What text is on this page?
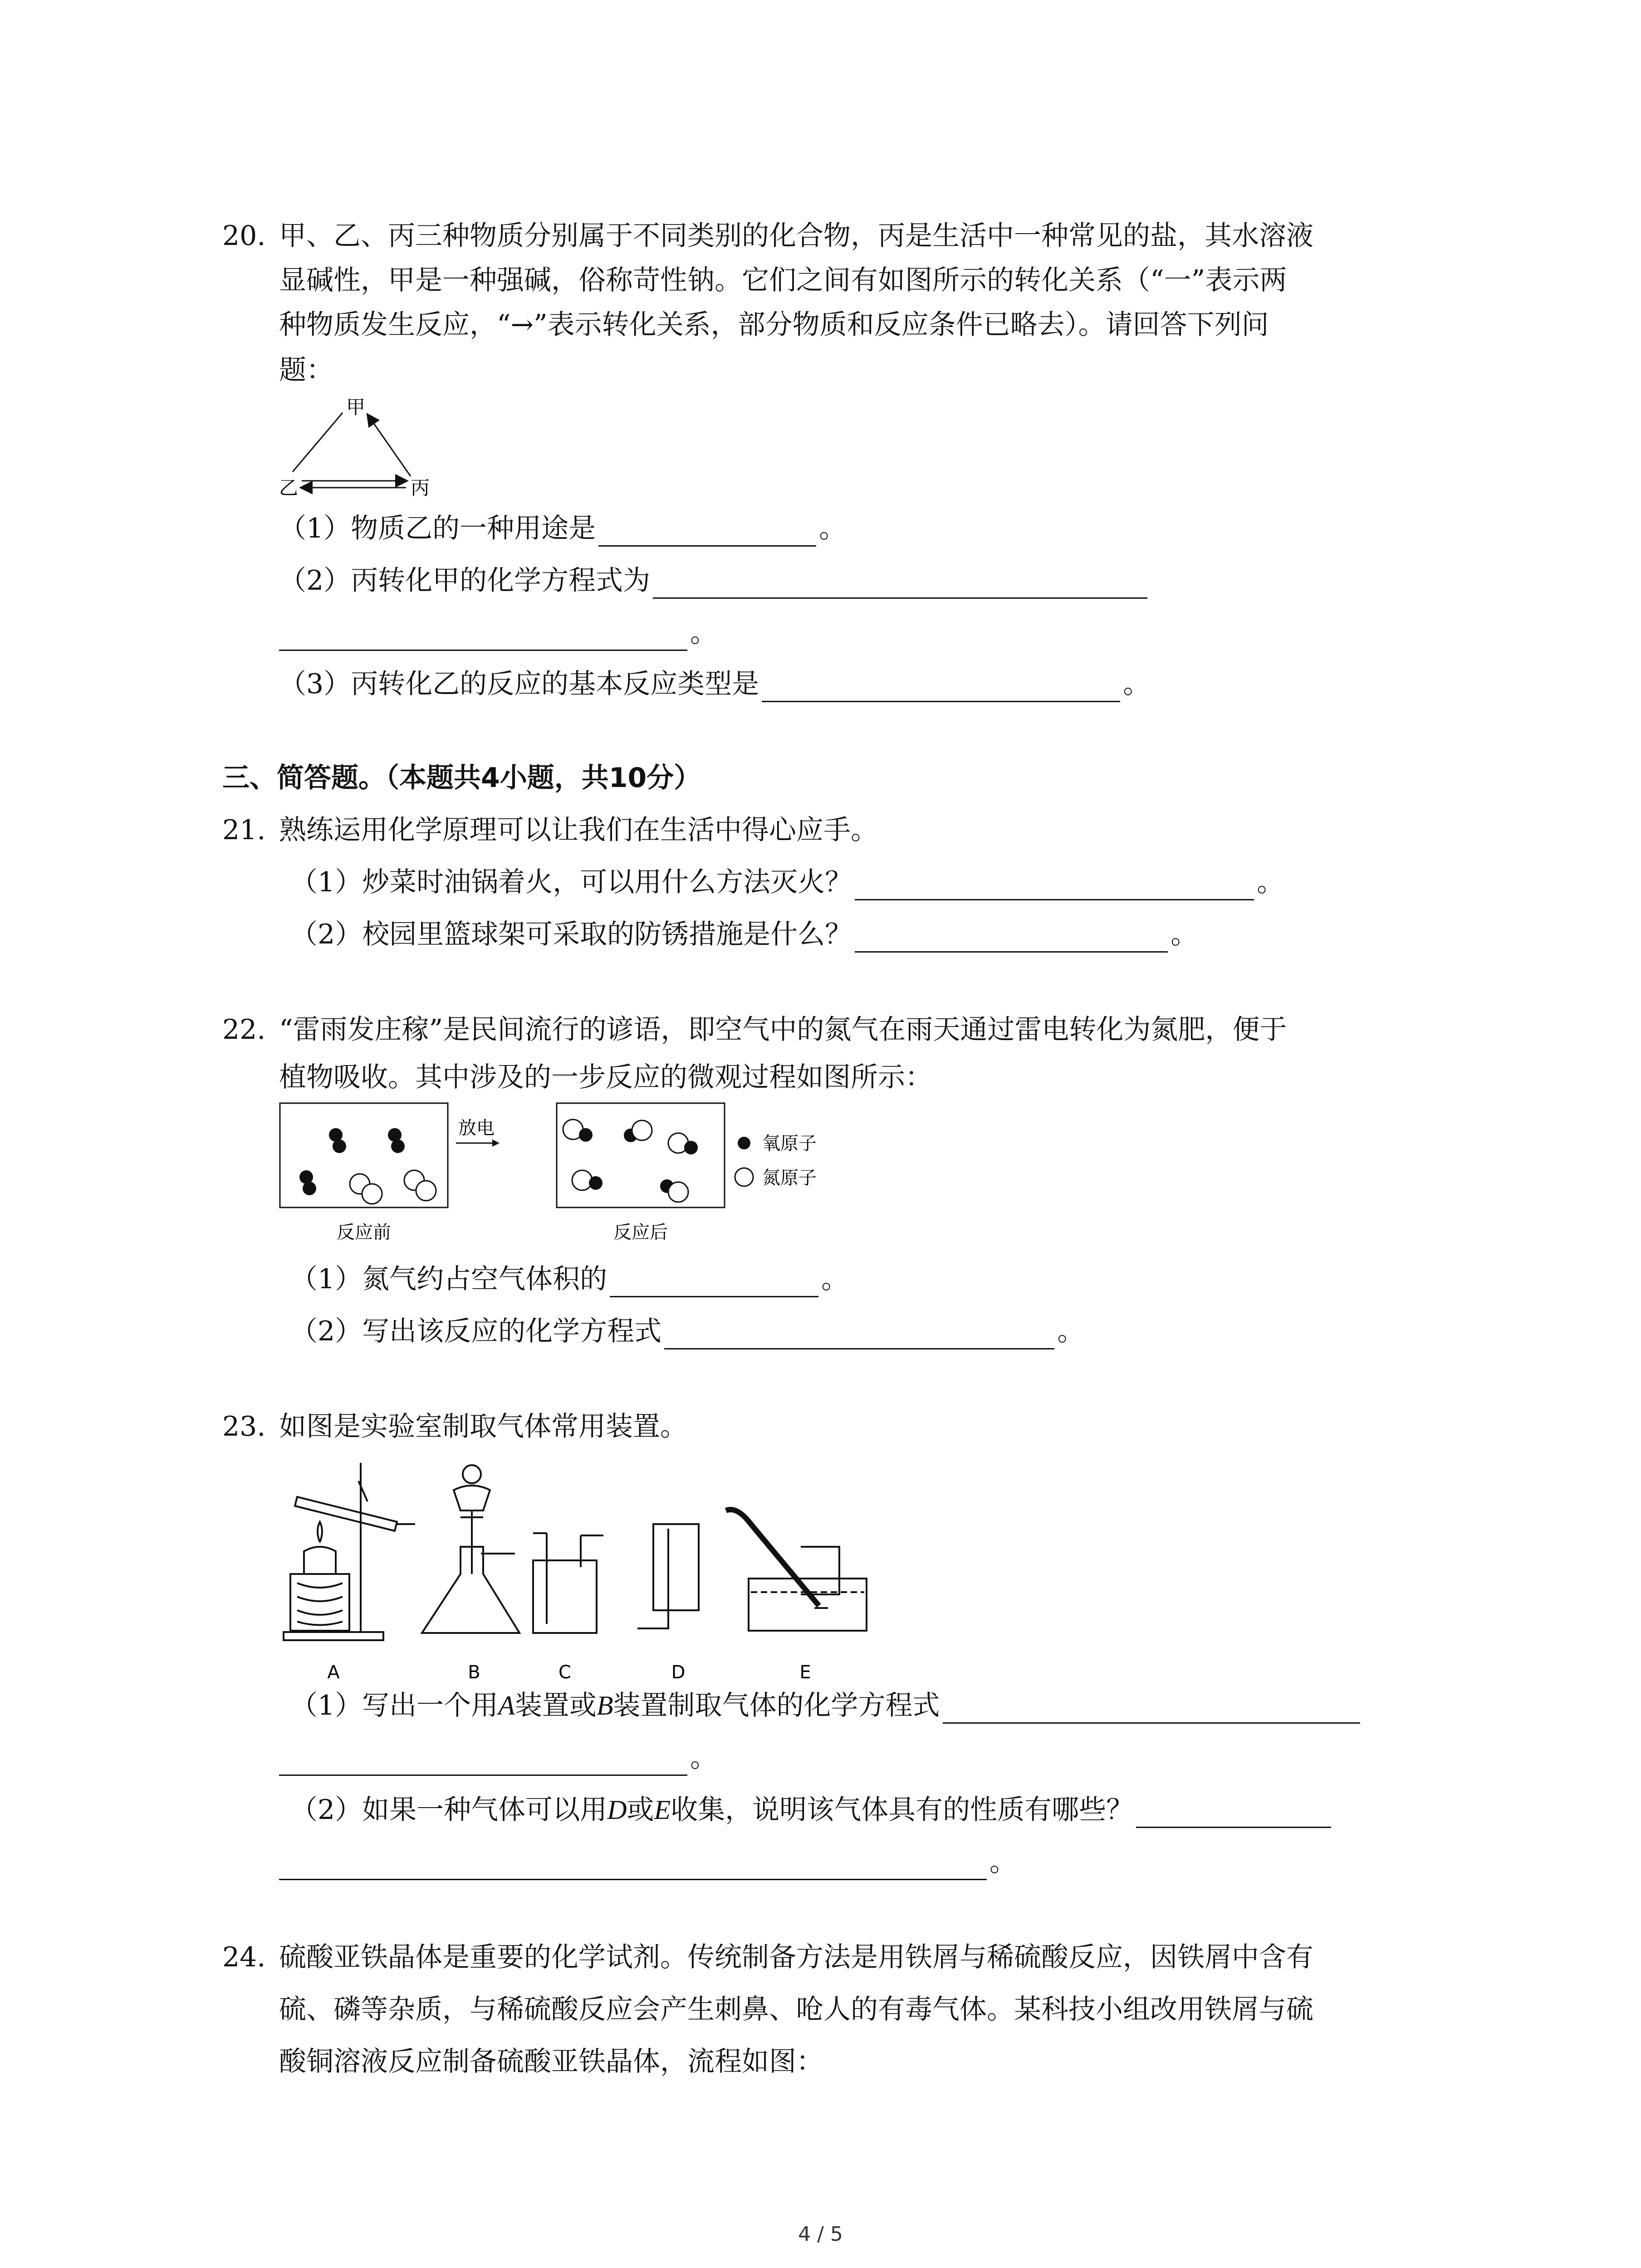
20. 甲、乙、丙三种物质分别属于不同类别的化合物，丙是生活中一种常见的盐，其水溶液
显碱性，甲是一种强碱，俗称苛性钠。它们之间有如图所示的转化关系（“一”表示两
种物质发生反应，“→”表示转化关系，部分物质和反应条件已略去）。请回答下列问
题：
甲
乙	丙
（1）物质乙的一种用途是	。
（2）丙转化甲的化学方程式为
。
（3）丙转化乙的反应的基本反应类型是	。
三、简答题。（本题共4小题，共10分）
21. 熟练运用化学原理可以让我们在生活中得心应手。
（1）炒菜时油锅着火，可以用什么方法灭火？	。
（2）校园里篮球架可采取的防锈措施是什么？	。
22. “雷雨发庄稼”是民间流行的谚语，即空气中的氮气在雨天通过雷电转化为氮肥，便于
植物吸收。其中涉及的一步反应的微观过程如图所示：
反应前
放电
反应后
氧原子
氮原子
（1）氮气约占空气体积的	。
（2）写出该反应的化学方程式	。
23. 如图是实验室制取气体常用装置。
A	B	C	D	E
（1）写出一个用A装置或B装置制取气体的化学方程式
。
（2）如果一种气体可以用D或E收集，说明该气体具有的性质有哪些？
。
24. 硫酸亚铁晶体是重要的化学试剂。传统制备方法是用铁屑与稀硫酸反应，因铁屑中含有
硫、磷等杂质，与稀硫酸反应会产生刺鼻、呛人的有毒气体。某科技小组改用铁屑与硫
酸铜溶液反应制备硫酸亚铁晶体，流程如图：
4 / 5
